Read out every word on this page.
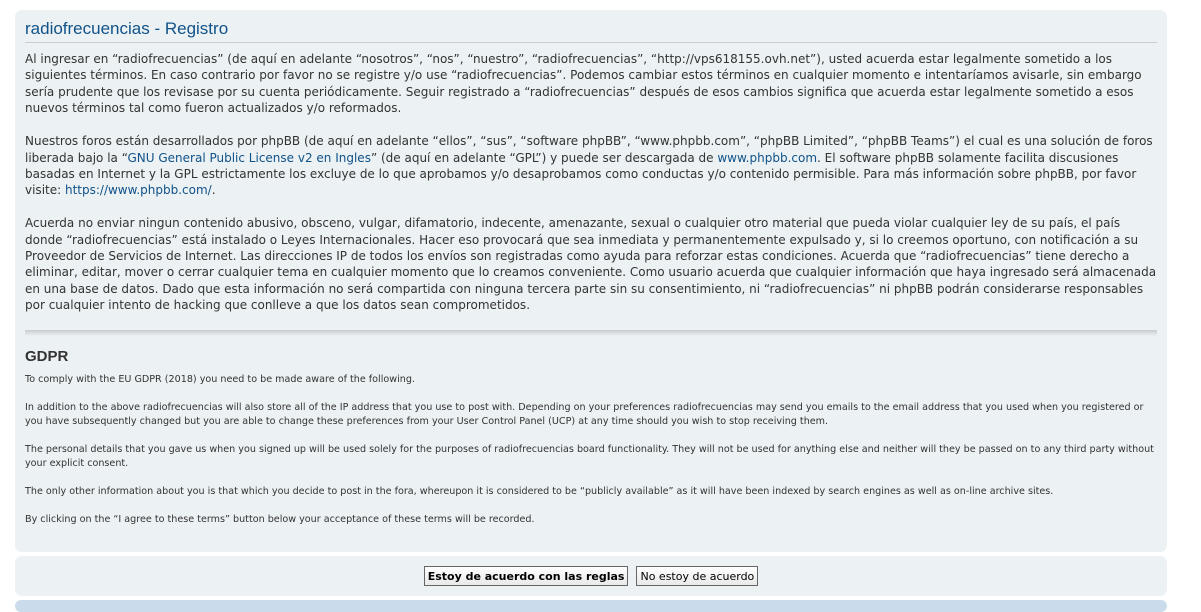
radiofrecuencias - Registro

Al ingresar en “radiofrecuencias” (de aquí en adelante “nosotros”, “nos”, “nuestro”, “radiofrecuencias”, “http://vps618155.ovh.net”), usted acuerda estar legalmente sometido a los siguientes términos. En caso contrario por favor no se registre y/o use “radiofrecuencias”. Podemos cambiar estos términos en cualquier momento e intentaríamos avisarle, sin embargo sería prudente que los revisase por su cuenta periódicamente. Seguir registrado a “radiofrecuencias” después de esos cambios significa que acuerda estar legalmente sometido a esos nuevos términos tal como fueron actualizados y/o reformados.

Nuestros foros están desarrollados por phpBB (de aquí en adelante “ellos”, “sus”, “software phpBB”, “www.phpbb.com”, “phpBB Limited”, “phpBB Teams”) el cual es una solución de foros liberada bajo la “GNU General Public License v2 en Ingles” (de aquí en adelante “GPL”) y puede ser descargada de www.phpbb.com. El software phpBB solamente facilita discusiones basadas en Internet y la GPL estrictamente los excluye de lo que aprobamos y/o desaprobamos como conductas y/o contenido permisible. Para más información sobre phpBB, por favor visite: https://www.phpbb.com/.

Acuerda no enviar ningun contenido abusivo, obsceno, vulgar, difamatorio, indecente, amenazante, sexual o cualquier otro material que pueda violar cualquier ley de su país, el país donde “radiofrecuencias” está instalado o Leyes Internacionales. Hacer eso provocará que sea inmediata y permanentemente expulsado y, si lo creemos oportuno, con notificación a su Proveedor de Servicios de Internet. Las direcciones IP de todos los envíos son registradas como ayuda para reforzar estas condiciones. Acuerda que “radiofrecuencias” tiene derecho a eliminar, editar, mover o cerrar cualquier tema en cualquier momento que lo creamos conveniente. Como usuario acuerda que cualquier información que haya ingresado será almacenada en una base de datos. Dado que esta información no será compartida con ninguna tercera parte sin su consentimiento, ni “radiofrecuencias” ni phpBB podrán considerarse responsables por cualquier intento de hacking que conlleve a que los datos sean comprometidos.

GDPR

To comply with the EU GDPR (2018) you need to be made aware of the following.

In addition to the above radiofrecuencias will also store all of the IP address that you use to post with. Depending on your preferences radiofrecuencias may send you emails to the email address that you used when you registered or you have subsequently changed but you are able to change these preferences from your User Control Panel (UCP) at any time should you wish to stop receiving them.

The personal details that you gave us when you signed up will be used solely for the purposes of radiofrecuencias board functionality. They will not be used for anything else and neither will they be passed on to any third party without your explicit consent.

The only other information about you is that which you decide to post in the fora, whereupon it is considered to be “publicly available” as it will have been indexed by search engines as well as on-line archive sites.

By clicking on the “I agree to these terms” button below your acceptance of these terms will be recorded.

Estoy de acuerdo con las reglas	No estoy de acuerdo
